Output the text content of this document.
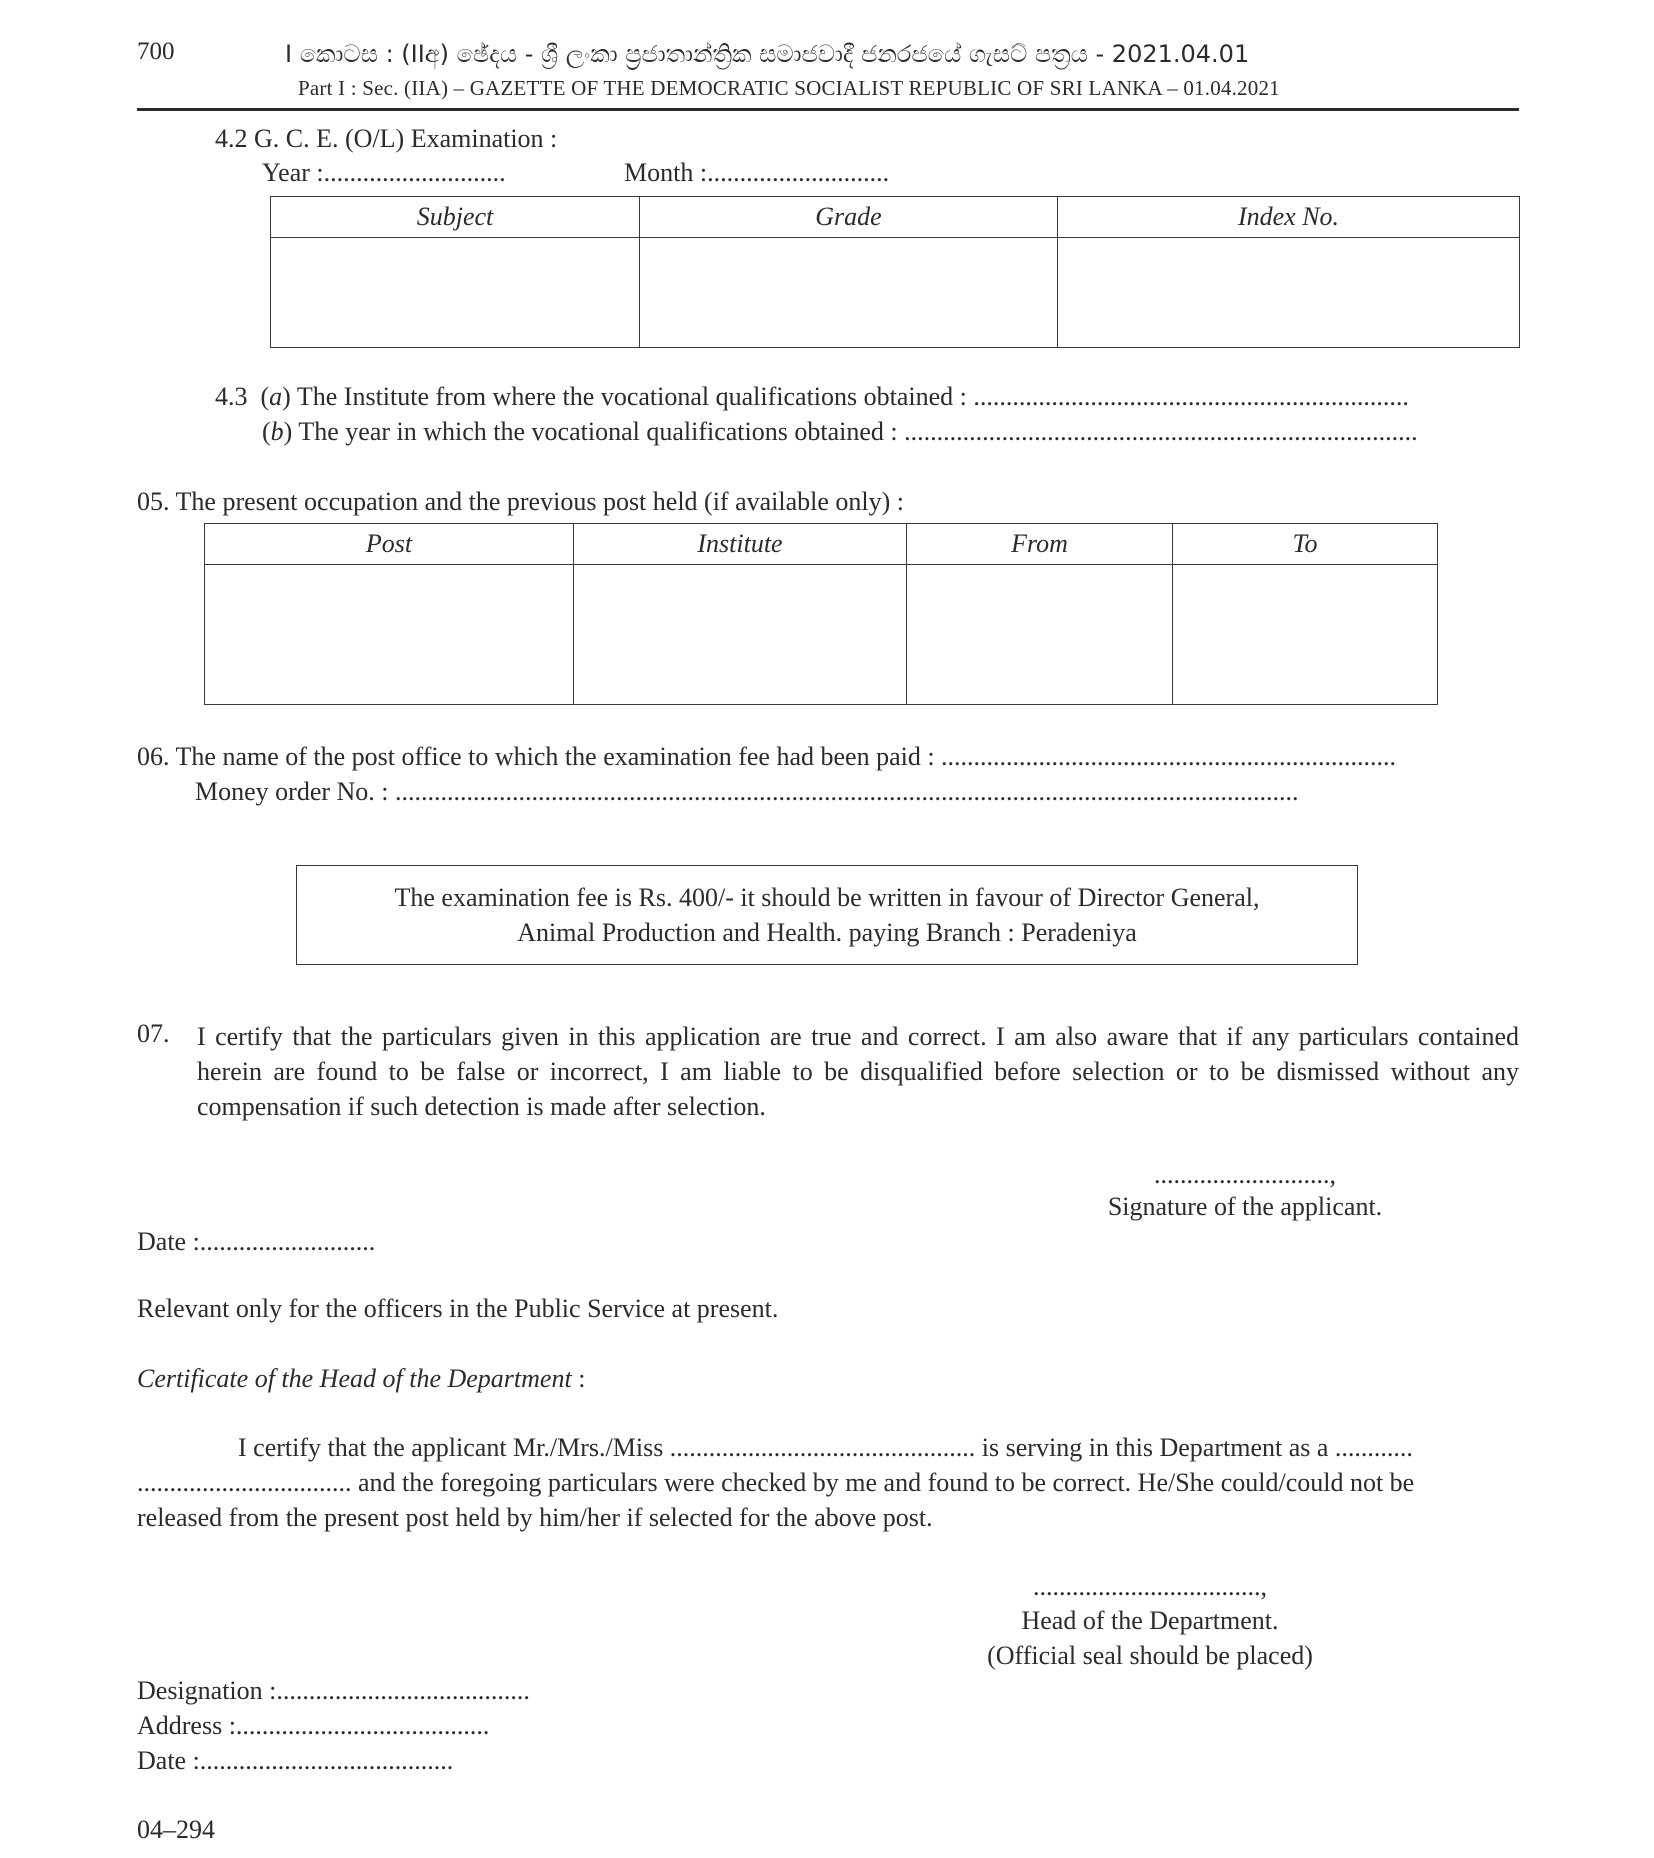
700	I කොටස : (IIඅ) ඡේදය - ශ්‍රී ලංකා ප්‍රජාතාන්ත්‍රික සමාජවාදී ජනරජයේ ගැසට් පත්‍රය - 2021.04.01
Part I : Sec. (IIA) – GAZETTE OF THE DEMOCRATIC SOCIALIST REPUBLIC OF SRI LANKA – 01.04.2021
4.2 G. C. E. (O/L) Examination :
Year :............................	Month :............................
Subject	Grade	Index No.

4.3  (a) The Institute from where the vocational qualifications obtained : ...................................................................
(b) The year in which the vocational qualifications obtained : ...............................................................................
05. The present occupation and the previous post held (if available only) :
Post	Institute	From	To

06. The name of the post office to which the examination fee had been paid : ......................................................................
Money order No. : ...........................................................................................................................................
The examination fee is Rs. 400/- it should be written in favour of Director General,
Animal Production and Health. paying Branch : Peradeniya
07. I certify that the particulars given in this application are true and correct. I am also aware that if any particulars contained herein are found to be false or incorrect, I am liable to be disqualified before selection or to be dismissed without any compensation if such detection is made after selection.
...........................,
Signature of the applicant.
Date :...........................
Relevant only for the officers in the Public Service at present.
Certificate of the Head of the Department :
I certify that the applicant Mr./Mrs./Miss ............................................... is serving in this Department as a ............
................................. and the foregoing particulars were checked by me and found to be correct. He/She could/could not be
released from the present post held by him/her if selected for the above post.
...................................,
Head of the Department.
(Official seal should be placed)
Designation :.......................................
Address :.......................................
Date :.......................................
04–294
